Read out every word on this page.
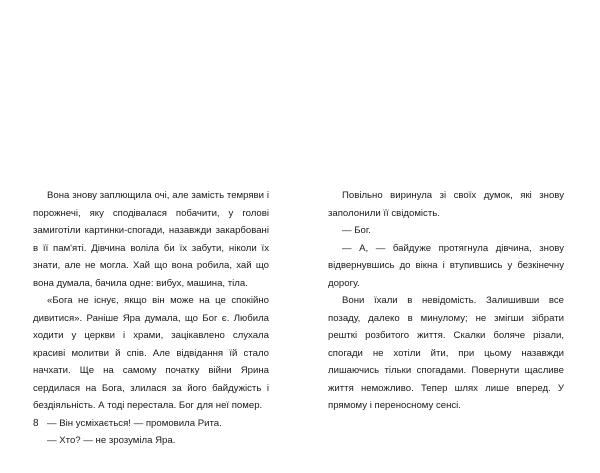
Вона знову заплющила очі, але замість темряви і порожнечі, яку сподівалася побачити, у голові замиготіли картинки-спогади, назавжди закарбовані в її пам'яті. Дівчина воліла би їх забути, ніколи їх знати, але не могла. Хай що вона робила, хай що вона думала, бачила одне: вибух, машина, тіла.

«Бога не існує, якщо він може на це спокійно дивитися». Раніше Яра думала, що Бог є. Любила ходити у церкви і храми, зацікавлено слухала красиві молитви й спів. Але відвідання їй стало начхати. Ще на самому початку війни Ярина сердилася на Бога, злилася за його байдужість і бездіяльність. А тоді перестала. Бог для неї помер.

— Він усміхається! — промовила Рита.

— Хто? — не зрозуміла Яра.

8

Повільно виринула зі своїх думок, які знову заполонили її свідомість.

— Бог.

— А, — байдуже протягнула дівчина, знову відвернувшись до вікна і втупившись у безкінечну дорогу.

Вони їхали в невідомість. Залишивши все позаду, далеко в минулому; не змігши зібрати решткі розбитого життя. Скалки боляче різали, спогади не хотіли йти, при цьому назавжди лишаючись тільки спогадами. Повернути щасливе життя неможливо. Тепер шлях лише вперед. У прямому і переносному сенсі.
